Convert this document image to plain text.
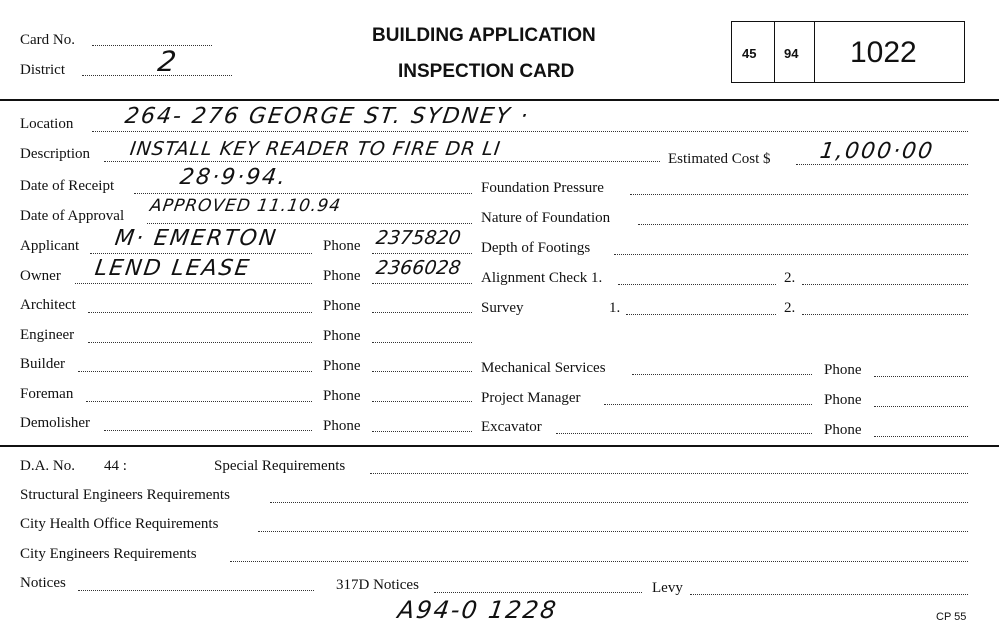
Card No.
District	2
BUILDING APPLICATION
INSPECTION CARD
45 94 1022
Location 264- 276 GEORGE ST. SYDNEY ·
Description INSTALL KEY READER TO FIRE DR LI	Estimated Cost $ 1,000·00
Date of Receipt	28·9·94.
Date of Approval APPROVED 11.10.94
Applicant M· EMERTON	Phone 2375820
Owner LEND LEASE	Phone 2366028
Architect	Phone
Engineer	Phone
Builder	Phone
Foreman	Phone
Demolisher	Phone
Foundation Pressure
Nature of Foundation
Depth of Footings
Alignment Check 1.	2.
Survey	1.	2.
Mechanical Services	Phone
Project Manager	Phone
Excavator	Phone
D.A. No. 44 :	Special Requirements
Structural Engineers Requirements
City Health Office Requirements
City Engineers Requirements
Notices	317D Notices	Levy
A94-0 1228	CP 55
